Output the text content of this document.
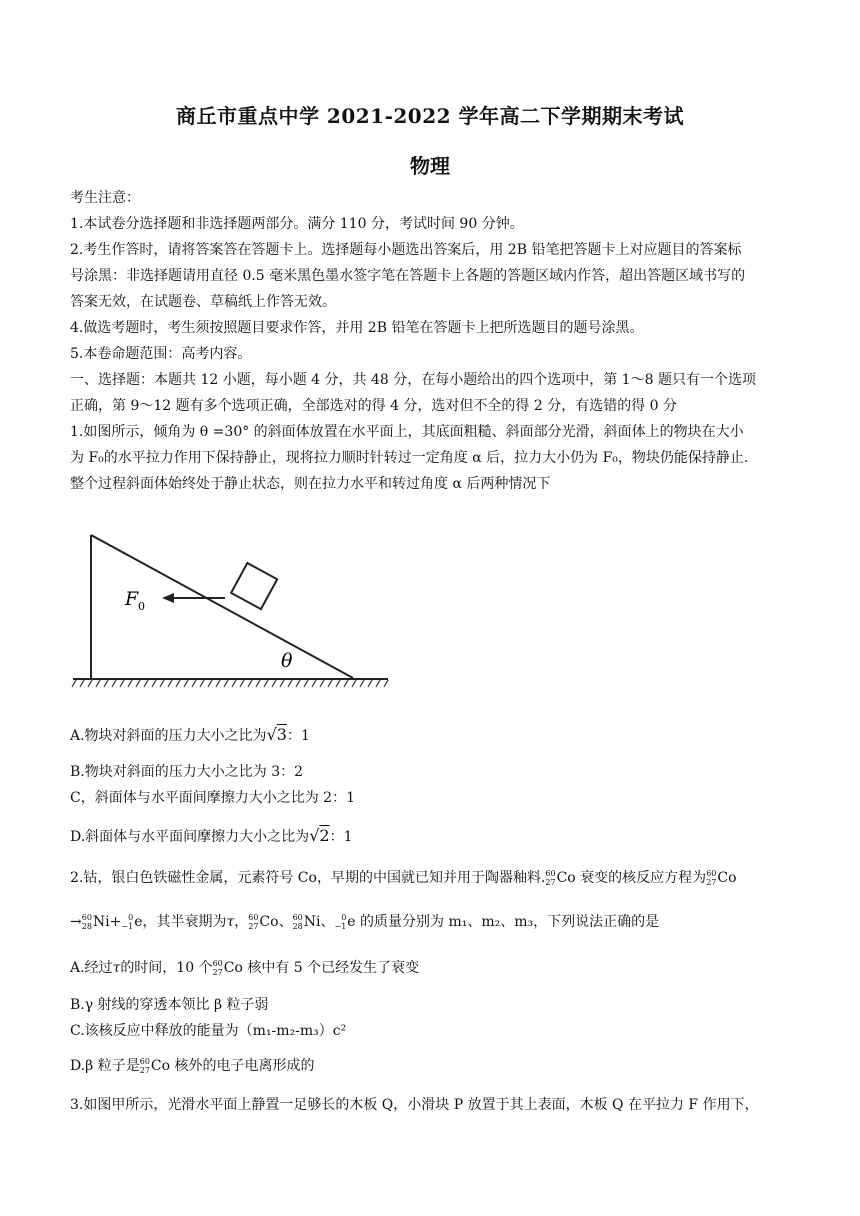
商丘市重点中学 2021-2022 学年高二下学期期末考试
物理
考生注意：
1.本试卷分选择题和非选择题两部分。满分 110 分，考试时间 90 分钟。
2.考生作答时，请将答案答在答题卡上。选择题每小题选出答案后，用 2B 铅笔把答题卡上对应题目的答案标
号涂黑：非选择题请用直径 0.5 毫米黑色墨水签字笔在答题卡上各题的答题区域内作答，超出答题区域书写的
答案无效，在试题卷、草稿纸上作答无效。
4.做选考题时，考生须按照题目要求作答，并用 2B 铅笔在答题卡上把所选题目的题号涂黑。
5.本卷命题范围：高考内容。
一、选择题：本题共 12 小题，每小题 4 分，共 48 分，在每小题给出的四个选项中，第 1～8 题只有一个选项
正确，第 9～12 题有多个选项正确，全部选对的得 4 分，选对但不全的得 2 分，有选错的得 0 分
1.如图所示，倾角为 θ =30° 的斜面体放置在水平面上，其底面粗糙、斜面部分光滑，斜面体上的物块在大小
为 F₀的水平拉力作用下保持静止，现将拉力顺时针转过一定角度 α 后，拉力大小仍为 F₀，物块仍能保持静止.
整个过程斜面体始终处于静止状态，则在拉力水平和转过角度 α 后两种情况下
F 0
θ
A.物块对斜面的压力大小之比为√3：1
B.物块对斜面的压力大小之比为 3：2
C，斜面体与水平面间摩擦力大小之比为 2：1
D.斜面体与水平面间摩擦力大小之比为√2：1
2.钴，银白色铁磁性金属，元素符号 Co，早期的中国就已知并用于陶器釉料. 60
27 Co 衰变的核反应方程为 60
27 Co
→ 60
28 Ni+ 0
−1 e，其半衰期为τ， 60
27 Co、 60
28 Ni、 0
−1 e 的质量分别为 m₁、m₂、m₃，下列说法正确的是
A.经过τ的时间，10 个 60
27 Co 核中有 5 个已经发生了衰变
B.γ 射线的穿透本领比 β 粒子弱
C.该核反应中释放的能量为（m₁-m₂-m₃）c²
D.β 粒子是 60
27 Co 核外的电子电离形成的
3.如图甲所示，光滑水平面上静置一足够长的木板 Q，小滑块 P 放置于其上表面，木板 Q 在平拉力 F 作用下，
